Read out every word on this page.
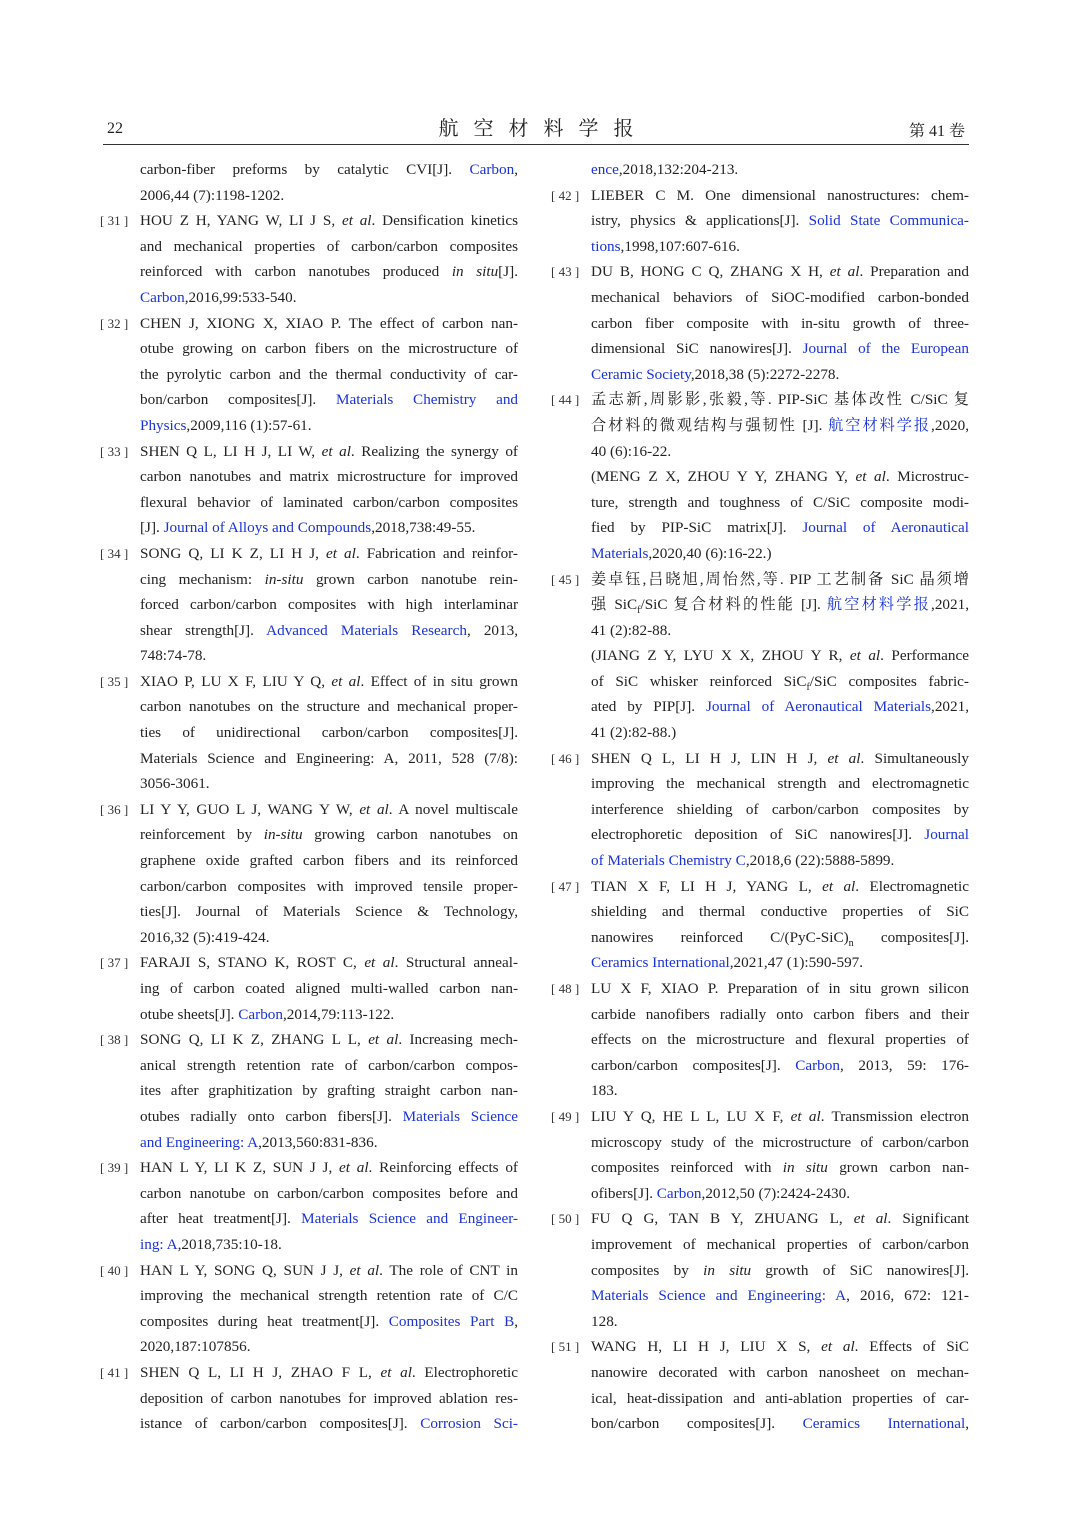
22	航空材料学报	第 41 卷
carbon-fiber preforms by catalytic CVI[J]. Carbon,
2006,44 (7):1198-1202.
[ 31 ] HOU Z H, YANG W, LI J S, et al. Densification kinetics
and mechanical properties of carbon/carbon composites
reinforced with carbon nanotubes produced in situ[J].
Carbon,2016,99:533-540.
[ 32 ] CHEN J, XIONG X, XIAO P. The effect of carbon nan-
otube growing on carbon fibers on the microstructure of
the pyrolytic carbon and the thermal conductivity of car-
bon/carbon composites[J]. Materials Chemistry and
Physics,2009,116 (1):57-61.
[ 33 ] SHEN Q L, LI H J, LI W, et al. Realizing the synergy of
carbon nanotubes and matrix microstructure for improved
flexural behavior of laminated carbon/carbon composites
[J]. Journal of Alloys and Compounds,2018,738:49-55.
[ 34 ] SONG Q, LI K Z, LI H J, et al. Fabrication and reinfor-
cing mechanism: in-situ grown carbon nanotube rein-
forced carbon/carbon composites with high interlaminar
shear strength[J]. Advanced Materials Research, 2013,
748:74-78.
[ 35 ] XIAO P, LU X F, LIU Y Q, et al. Effect of in situ grown
carbon nanotubes on the structure and mechanical proper-
ties of unidirectional carbon/carbon composites[J].
Materials Science and Engineering: A, 2011, 528 (7/8):
3056-3061.
[ 36 ] LI Y Y, GUO L J, WANG Y W, et al. A novel multiscale
reinforcement by in-situ growing carbon nanotubes on
graphene oxide grafted carbon fibers and its reinforced
carbon/carbon composites with improved tensile proper-
ties[J]. Journal of Materials Science & Technology,
2016,32 (5):419-424.
[ 37 ] FARAJI S, STANO K, ROST C, et al. Structural anneal-
ing of carbon coated aligned multi-walled carbon nan-
otube sheets[J]. Carbon,2014,79:113-122.
[ 38 ] SONG Q, LI K Z, ZHANG L L, et al. Increasing mech-
anical strength retention rate of carbon/carbon compos-
ites after graphitization by grafting straight carbon nan-
otubes radially onto carbon fibers[J]. Materials Science
and Engineering: A,2013,560:831-836.
[ 39 ] HAN L Y, LI K Z, SUN J J, et al. Reinforcing effects of
carbon nanotube on carbon/carbon composites before and
after heat treatment[J]. Materials Science and Engineer-
ing: A,2018,735:10-18.
[ 40 ] HAN L Y, SONG Q, SUN J J, et al. The role of CNT in
improving the mechanical strength retention rate of C/C
composites during heat treatment[J]. Composites Part B,
2020,187:107856.
[ 41 ] SHEN Q L, LI H J, ZHAO F L, et al. Electrophoretic
deposition of carbon nanotubes for improved ablation res-
istance of carbon/carbon composites[J]. Corrosion Sci-
ence,2018,132:204-213.
[ 42 ] LIEBER C M. One dimensional nanostructures: chem-
istry, physics & applications[J]. Solid State Communica-
tions,1998,107:607-616.
[ 43 ] DU B, HONG C Q, ZHANG X H, et al. Preparation and
mechanical behaviors of SiOC-modified carbon-bonded
carbon fiber composite with in-situ growth of three-
dimensional SiC nanowires[J]. Journal of the European
Ceramic Society,2018,38 (5):2272-2278.
[ 44 ] 孟志新,周影影,张毅,等. PIP-SiC 基体改性 C/SiC 复
合材料的微观结构与强韧性 [J]. 航空材料学报,2020,
40 (6):16-22.
(MENG Z X, ZHOU Y Y, ZHANG Y, et al. Microstruc-
ture, strength and toughness of C/SiC composite modi-
fied by PIP-SiC matrix[J]. Journal of Aeronautical
Materials,2020,40 (6):16-22.)
[ 45 ] 姜卓钰,吕晓旭,周怡然,等. PIP 工艺制备 SiC 晶须增
强 SiC$_f$/SiC 复合材料的性能 [J]. 航空材料学报,2021,
41 (2):82-88.
(JIANG Z Y, LYU X X, ZHOU Y R, et al. Performance
of SiC whisker reinforced SiC$_f$/SiC composites fabric-
ated by PIP[J]. Journal of Aeronautical Materials,2021,
41 (2):82-88.)
[ 46 ] SHEN Q L, LI H J, LIN H J, et al. Simultaneously
improving the mechanical strength and electromagnetic
interference shielding of carbon/carbon composites by
electrophoretic deposition of SiC nanowires[J]. Journal
of Materials Chemistry C,2018,6 (22):5888-5899.
[ 47 ] TIAN X F, LI H J, YANG L, et al. Electromagnetic
shielding and thermal conductive properties of SiC
nanowires reinforced $C/(PyC-SiC)_n$ composites[J].
Ceramics International,2021,47 (1):590-597.
[ 48 ] LU X F, XIAO P. Preparation of in situ grown silicon
carbide nanofibers radially onto carbon fibers and their
effects on the microstructure and flexural properties of
carbon/carbon composites[J]. Carbon, 2013, 59: 176-
183.
[ 49 ] LIU Y Q, HE L L, LU X F, et al. Transmission electron
microscopy study of the microstructure of carbon/carbon
composites reinforced with in situ grown carbon nan-
ofibers[J]. Carbon,2012,50 (7):2424-2430.
[ 50 ] FU Q G, TAN B Y, ZHUANG L, et al. Significant
improvement of mechanical properties of carbon/carbon
composites by in situ growth of SiC nanowires[J].
Materials Science and Engineering: A, 2016, 672: 121-
128.
[ 51 ] WANG H, LI H J, LIU X S, et al. Effects of SiC
nanowire decorated with carbon nanosheet on mechan-
ical, heat-dissipation and anti-ablation properties of car-
bon/carbon composites[J]. Ceramics International,
